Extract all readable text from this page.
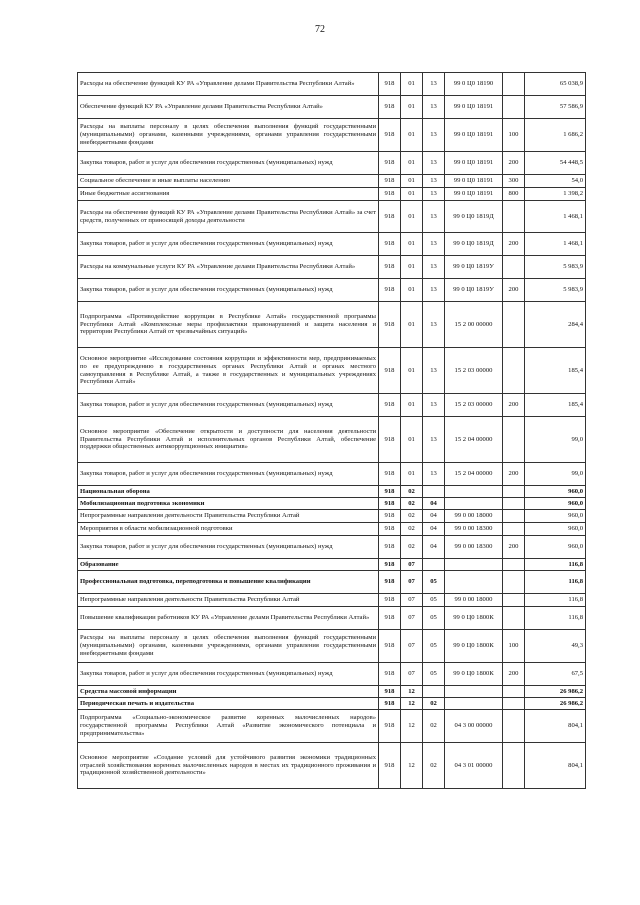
72
Расходы на обеспечение функций КУ РА «Управление делами Правительства Республики Алтай»	918	01	13	99 0 Ц0 18190		65 038,9
Обеспечение функций КУ РА «Управление делами Правительства Республики Алтай»	918	01	13	99 0 Ц0 18191		57 586,9
Расходы на выплаты персоналу в целях обеспечения выполнения функций государственными (муниципальными) органами, казенными учреждениями, органами управления государственными внебюджетными фондами	918	01	13	99 0 Ц0 18191	100	1 686,2
Закупка товаров, работ и услуг для обеспечения государственных (муниципальных) нужд	918	01	13	99 0 Ц0 18191	200	54 448,5
Социальное обеспечение и иные выплаты населению	918	01	13	99 0 Ц0 18191	300	54,0
Иные бюджетные ассигнования	918	01	13	99 0 Ц0 18191	800	1 398,2
Расходы на обеспечение функций КУ РА «Управление делами Правительства Республики Алтай» за счет средств, полученных от приносящей доходы деятельности	918	01	13	99 0 Ц0 1819Д		1 468,1
Закупка товаров, работ и услуг для обеспечения государственных (муниципальных) нужд	918	01	13	99 0 Ц0 1819Д	200	1 468,1
Расходы на коммунальные услуги КУ РА «Управление делами Правительства Республики Алтай»	918	01	13	99 0 Ц0 1819У		5 983,9
Закупка товаров, работ и услуг для обеспечения государственных (муниципальных) нужд	918	01	13	99 0 Ц0 1819У	200	5 983,9
Подпрограмма «Противодействие коррупции в Республике Алтай» государственной программы Республики Алтай «Комплексные меры профилактики правонарушений и защита населения и территории Республики Алтай от чрезвычайных ситуаций»	918	01	13	15 2 00 00000		284,4
Основное мероприятие «Исследование состояния коррупции и эффективности мер, предпринимаемых по ее предупреждению в государственных органах Республики Алтай и органах местного самоуправления в Республике Алтай, а также в государственных и муниципальных учреждениях Республики Алтай»	918	01	13	15 2 03 00000		185,4
Закупка товаров, работ и услуг для обеспечения государственных (муниципальных) нужд	918	01	13	15 2 03 00000	200	185,4
Основное мероприятие «Обеспечение открытости и доступности для населения деятельности Правительства Республики Алтай и исполнительных органов Республики Алтай, обеспечение поддержки общественных антикоррупционных инициатив»	918	01	13	15 2 04 00000		99,0
Закупка товаров, работ и услуг для обеспечения государственных (муниципальных) нужд	918	01	13	15 2 04 00000	200	99,0
Национальная оборона	918	02				960,0
Мобилизационная подготовка экономики	918	02	04			960,0
Непрограммные направления деятельности Правительства Республики Алтай	918	02	04	99 0 00 18000		960,0
Мероприятия в области мобилизационной подготовки	918	02	04	99 0 00 18300		960,0
Закупка товаров, работ и услуг для обеспечения государственных (муниципальных) нужд	918	02	04	99 0 00 18300	200	960,0
Образование	918	07				116,8
Профессиональная подготовка, переподготовка и повышение квалификации	918	07	05			116,8
Непрограммные направления деятельности Правительства Республики Алтай	918	07	05	99 0 00 18000		116,8
Повышение квалификации работников КУ РА «Управление делами Правительства Республики Алтай»	918	07	05	99 0 Ц0 1800К		116,8
Расходы на выплаты персоналу в целях обеспечения выполнения функций государственными (муниципальными) органами, казенными учреждениями, органами управления государственными внебюджетными фондами	918	07	05	99 0 Ц0 1800К	100	49,3
Закупка товаров, работ и услуг для обеспечения государственных (муниципальных) нужд	918	07	05	99 0 Ц0 1800К	200	67,5
Средства массовой информации	918	12				26 986,2
Периодическая печать и издательства	918	12	02			26 986,2
Подпрограмма «Социально-экономическое развитие коренных малочисленных народов» государственной программы Республики Алтай «Развитие экономического потенциала и предпринимательства»	918	12	02	04 3 00 00000		804,1
Основное мероприятие «Создание условий для устойчивого развития экономики традиционных отраслей хозяйствования коренных малочисленных народов в местах их традиционного проживания и традиционной хозяйственной деятельности»	918	12	02	04 3 01 00000		804,1
